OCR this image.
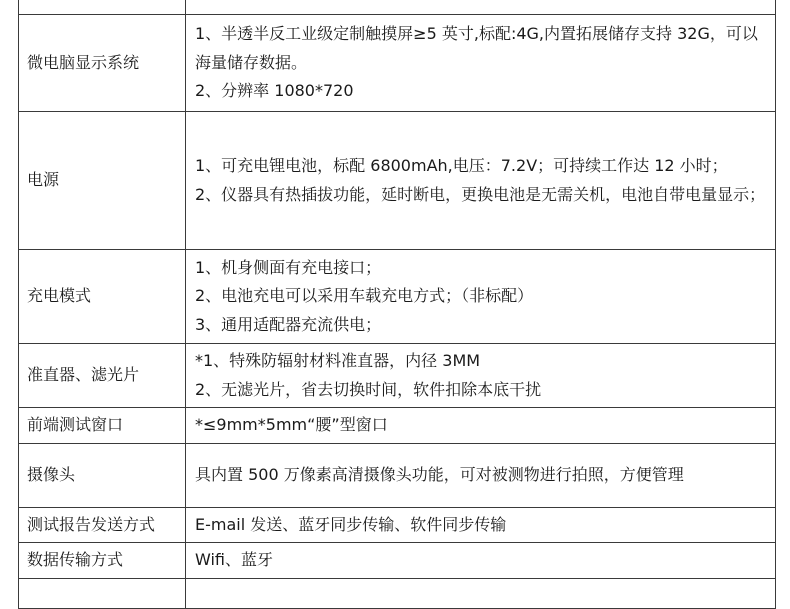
微电脑显示系统	1、半透半反工业级定制触摸屏≥5 英寸,标配:4G,内置拓展储存支持 32G，可以海量储存数据。
2、分辨率 1080*720

电源	1、可充电锂电池，标配 6800mAh,电压：7.2V；可持续工作达 12 小时；
2、仪器具有热插拔功能，延时断电，更换电池是无需关机，电池自带电量显示；

充电模式	1、机身侧面有充电接口；
2、电池充电可以采用车载充电方式；（非标配）
3、通用适配器充流供电；

准直器、滤光片	*1、特殊防辐射材料准直器，内径 3MM
2、无滤光片，省去切换时间，软件扣除本底干扰

前端测试窗口	*≤9mm*5mm“腰”型窗口

摄像头	具内置 500 万像素高清摄像头功能，可对被测物进行拍照，方便管理

测试报告发送方式	E-mail 发送、蓝牙同步传输、软件同步传输

数据传输方式	Wifi、蓝牙
